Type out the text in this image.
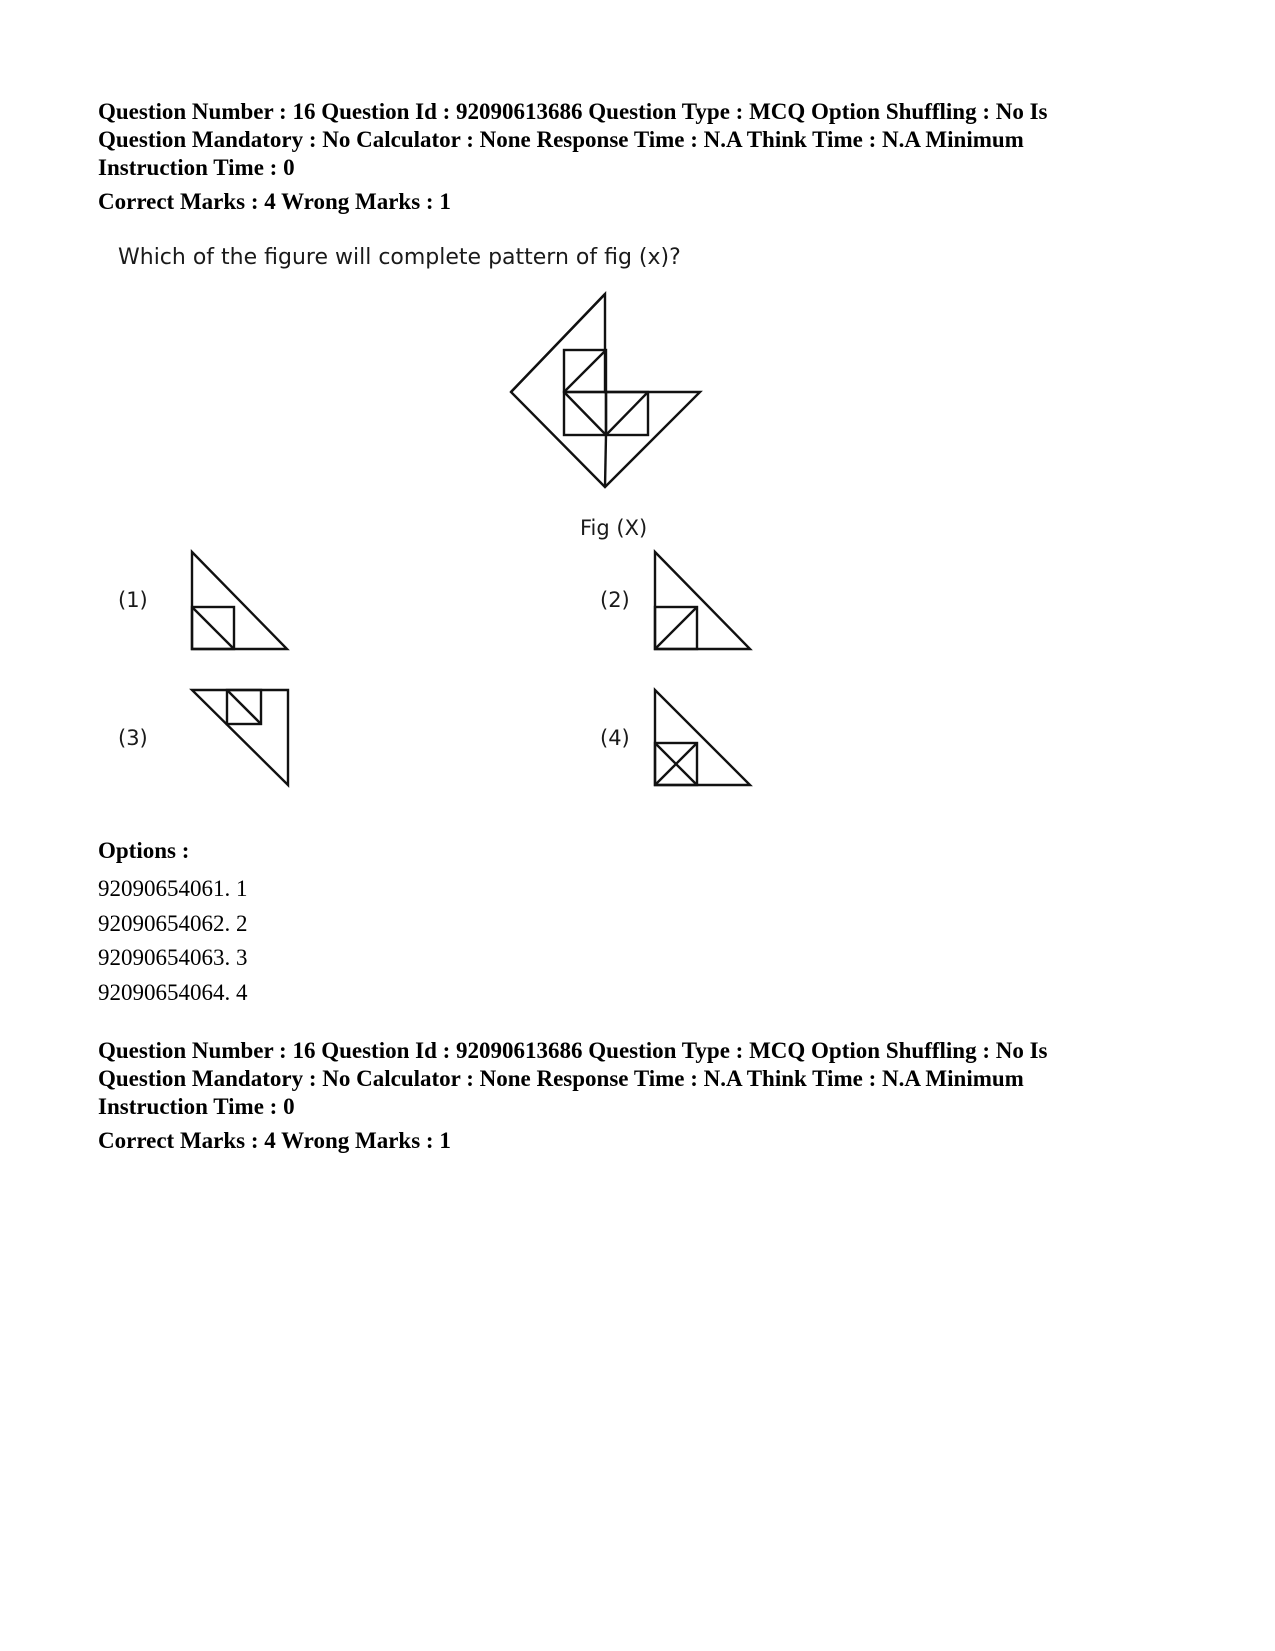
Question Number : 16 Question Id : 92090613686 Question Type : MCQ Option Shuffling : No Is

Question Mandatory : No Calculator : None Response Time : N.A Think Time : N.A Minimum

Instruction Time : 0

Correct Marks : 4 Wrong Marks : 1
Which of the figure will complete pattern of fig (x)?
Fig (X)
(1)	(2)
(3)	(4)
Options :
92090654061. 1
92090654062. 2
92090654063. 3
92090654064. 4

Question Number : 16 Question Id : 92090613686 Question Type : MCQ Option Shuffling : No Is

Question Mandatory : No Calculator : None Response Time : N.A Think Time : N.A Minimum

Instruction Time : 0

Correct Marks : 4 Wrong Marks : 1
